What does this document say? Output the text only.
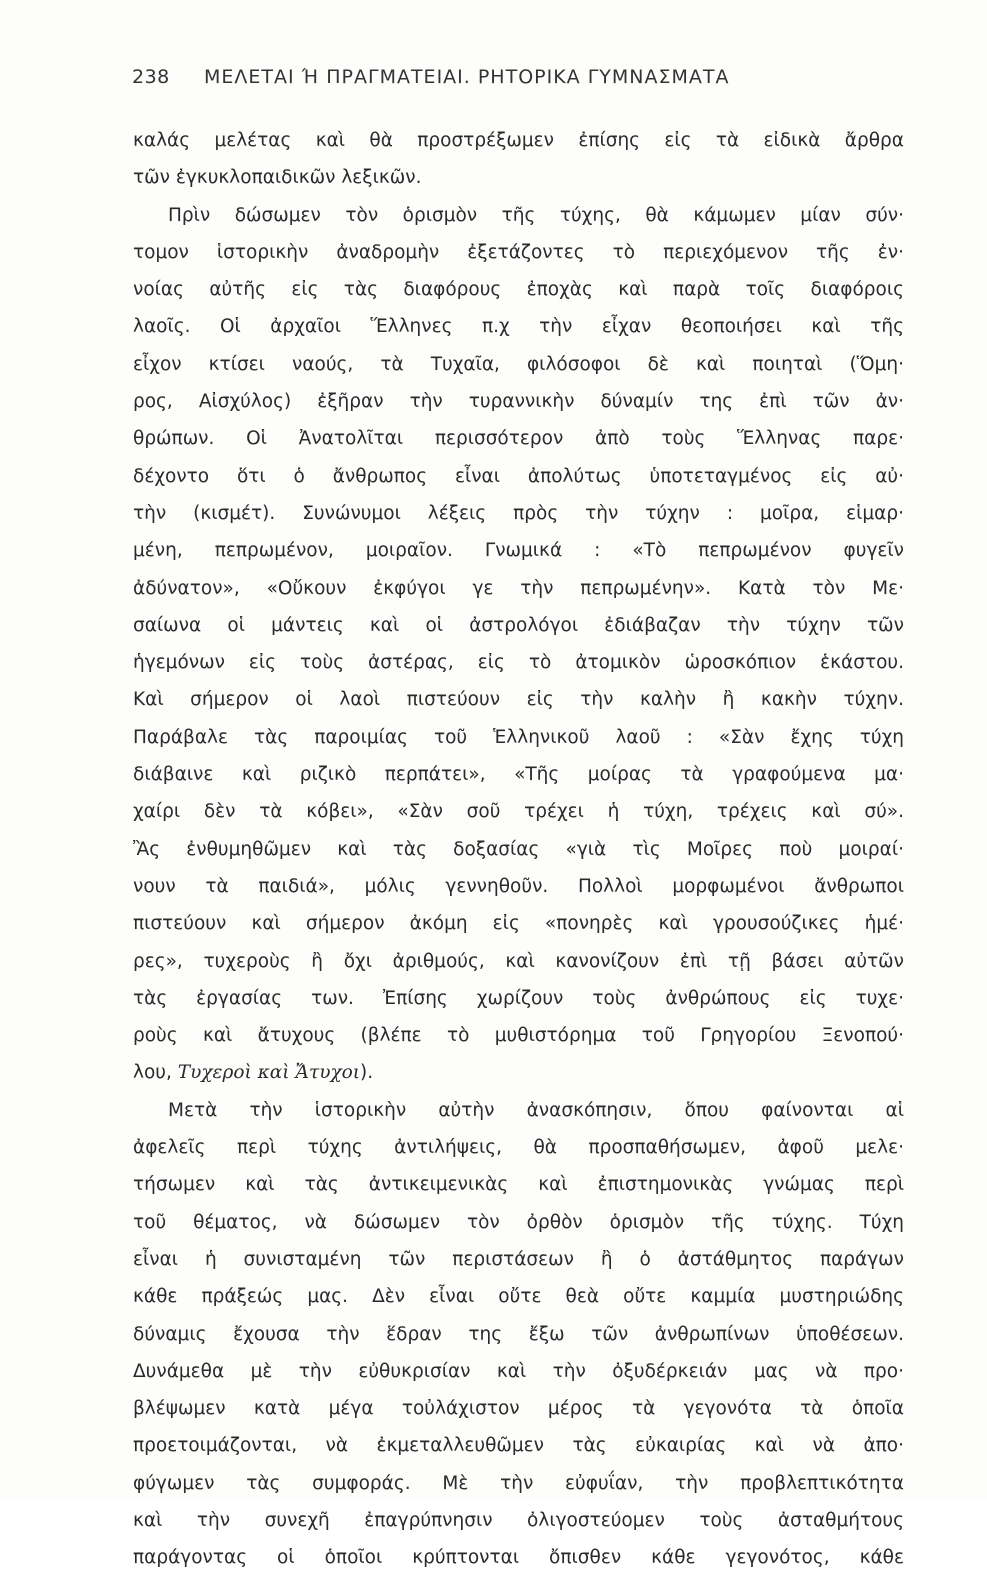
238 ΜΕΛΕΤΑΙ Ή ΠΡΑΓΜΑΤΕΙΑΙ. ΡΗΤΟΡΙΚΑ ΓΥΜΝΑΣΜΑΤΑ
καλάς μελέτας καὶ θὰ προστρέξωμεν ἐπίσης εἰς τὰ εἰδικὰ ἄρθρα
τῶν ἐγκυκλοπαιδικῶν λεξικῶν.
Πρὶν δώσωμεν τὸν ὁρισμὸν τῆς τύχης, θὰ κάμωμεν μίαν σύν·
τομον ἱστορικὴν ἀναδρομὴν ἐξετάζοντες τὸ περιεχόμενον τῆς ἐν·
νοίας αὐτῆς εἰς τὰς διαφόρους ἐποχὰς καὶ παρὰ τοῖς διαφόροις
λαοῖς. Οἱ ἀρχαῖοι Ἕλληνες π.χ τὴν εἶχαν θεοποιήσει καὶ τῆς
εἶχον κτίσει ναούς, τὰ Τυχαῖα, φιλόσοφοι δὲ καὶ ποιηταὶ (Ὅμη·
ρος, Αἰσχύλος) ἐξῆραν τὴν τυραννικὴν δύναμίν της ἐπὶ τῶν ἀν·
θρώπων. Οἱ Ἀνατολῖται περισσότερον ἀπὸ τοὺς Ἕλληνας παρε·
δέχοντο ὅτι ὁ ἄνθρωπος εἶναι ἀπολύτως ὑποτεταγμένος εἰς αὐ·
τὴν (κισμέτ). Συνώνυμοι λέξεις πρὸς τὴν τύχην : μοῖρα, εἱμαρ·
μένη, πεπρωμένον, μοιραῖον. Γνωμικά : «Τὸ πεπρωμένον φυγεῖν
ἀδύνατον», «Οὔκουν ἐκφύγοι γε τὴν πεπρωμένην». Κατὰ τὸν Με·
σαίωνα οἱ μάντεις καὶ οἱ ἀστρολόγοι ἐδιάβαζαν τὴν τύχην τῶν
ἡγεμόνων εἰς τοὺς ἀστέρας, εἰς τὸ ἀτομικὸν ὡροσκόπιον ἑκάστου.
Καὶ σήμερον οἱ λαοὶ πιστεύουν εἰς τὴν καλὴν ἢ κακὴν τύχην.
Παράβαλε τὰς παροιμίας τοῦ Ἑλληνικοῦ λαοῦ : «Σὰν ἔχης τύχη
διάβαινε καὶ ριζικὸ περπάτει», «Τῆς μοίρας τὰ γραφούμενα μα·
χαίρι δὲν τὰ κόβει», «Σὰν σοῦ τρέχει ἡ τύχη, τρέχεις καὶ σύ».
Ἂς ἐνθυμηθῶμεν καὶ τὰς δοξασίας «γιὰ τὶς Μοῖρες ποὺ μοιραί·
νουν τὰ παιδιά», μόλις γεννηθοῦν. Πολλοὶ μορφωμένοι ἄνθρωποι
πιστεύουν καὶ σήμερον ἀκόμη εἰς «πονηρὲς καὶ γρουσούζικες ἡμέ·
ρες», τυχεροὺς ἢ ὄχι ἀριθμούς, καὶ κανονίζουν ἐπὶ τῇ βάσει αὐτῶν
τὰς ἐργασίας των. Ἐπίσης χωρίζουν τοὺς ἀνθρώπους εἰς τυχε·
ροὺς καὶ ἄτυχους (βλέπε τὸ μυθιστόρημα τοῦ Γρηγορίου Ξενοπού·
λου, Τυχεροὶ καὶ Ἄτυχοι).
Μετὰ τὴν ἱστορικὴν αὐτὴν ἀνασκόπησιν, ὅπου φαίνονται αἱ
ἀφελεῖς περὶ τύχης ἀντιλήψεις, θὰ προσπαθήσωμεν, ἀφοῦ μελε·
τήσωμεν καὶ τὰς ἀντικειμενικὰς καὶ ἐπιστημονικὰς γνώμας περὶ
τοῦ θέματος, νὰ δώσωμεν τὸν ὀρθὸν ὁρισμὸν τῆς τύχης. Τύχη
εἶναι ἡ συνισταμένη τῶν περιστάσεων ἢ ὁ ἀστάθμητος παράγων
κάθε πράξεώς μας. Δὲν εἶναι οὔτε θεὰ οὔτε καμμία μυστηριώδης
δύναμις ἔχουσα τὴν ἕδραν της ἔξω τῶν ἀνθρωπίνων ὑποθέσεων.
Δυνάμεθα μὲ τὴν εὐθυκρισίαν καὶ τὴν ὀξυδέρκειάν μας νὰ προ·
βλέψωμεν κατὰ μέγα τοὐλάχιστον μέρος τὰ γεγονότα τὰ ὁποῖα
προετοιμάζονται, νὰ ἐκμεταλλευθῶμεν τὰς εὐκαιρίας καὶ νὰ ἀπο·
φύγωμεν τὰς συμφοράς. Μὲ τὴν εὐφυΐαν, τὴν προβλεπτικότητα
καὶ τὴν συνεχῆ ἐπαγρύπνησιν ὀλιγοστεύομεν τοὺς ἀσταθμήτους
παράγοντας οἱ ὁποῖοι κρύπτονται ὄπισθεν κάθε γεγονότος, κάθε
